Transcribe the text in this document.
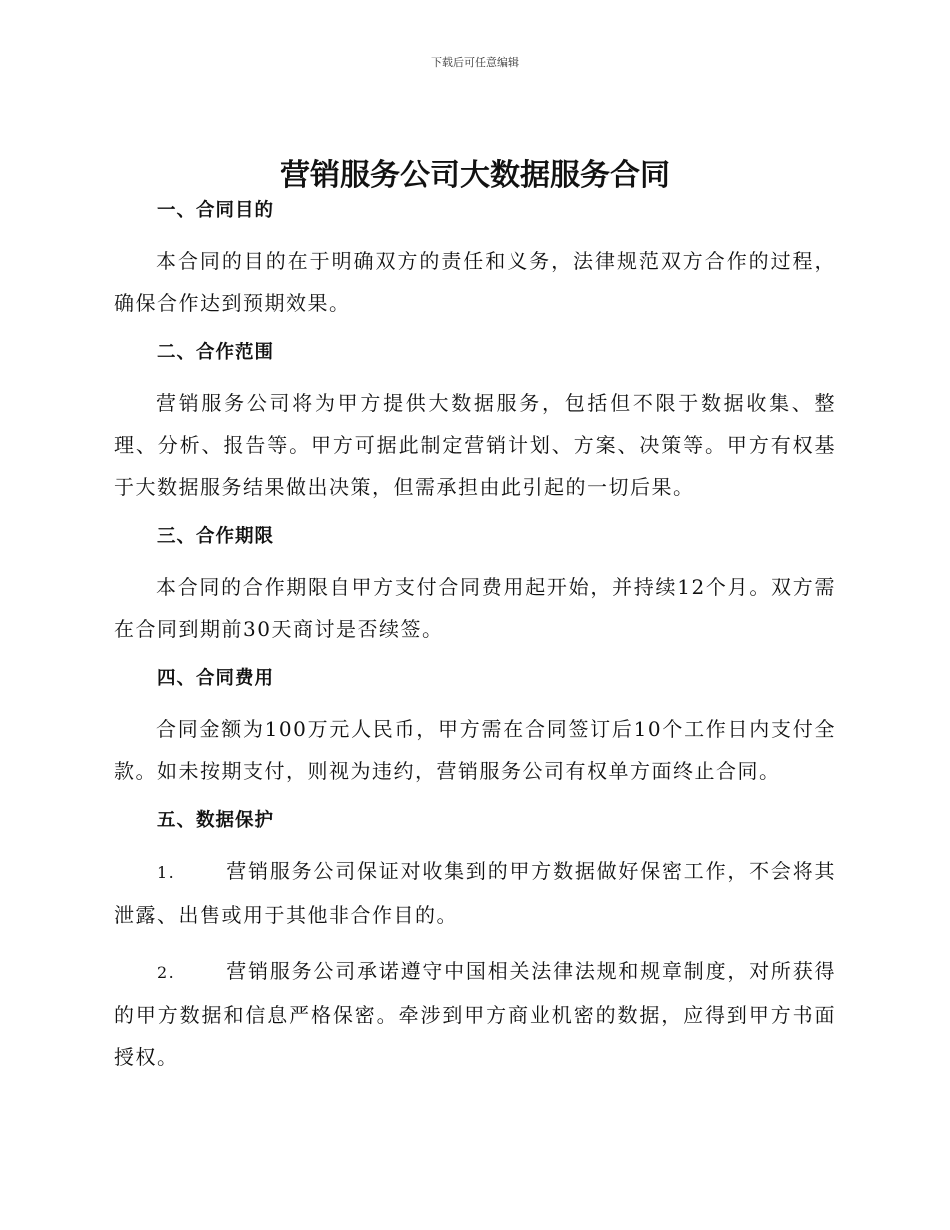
下载后可任意编辑
营销服务公司大数据服务合同
一、合同目的

本合同的目的在于明确双方的责任和义务，法律规范双方合作的过程，确保合作达到预期效果。

二、合作范围

营销服务公司将为甲方提供大数据服务，包括但不限于数据收集、整理、分析、报告等。甲方可据此制定营销计划、方案、决策等。甲方有权基于大数据服务结果做出决策，但需承担由此引起的一切后果。

三、合作期限

本合同的合作期限自甲方支付合同费用起开始，并持续12个月。双方需在合同到期前30天商讨是否续签。

四、合同费用

合同金额为100万元人民币，甲方需在合同签订后10个工作日内支付全款。如未按期支付，则视为违约，营销服务公司有权单方面终止合同。

五、数据保护

1.	营销服务公司保证对收集到的甲方数据做好保密工作，不会将其泄露、出售或用于其他非合作目的。

2.	营销服务公司承诺遵守中国相关法律法规和规章制度，对所获得的甲方数据和信息严格保密。牵涉到甲方商业机密的数据，应得到甲方书面授权。
